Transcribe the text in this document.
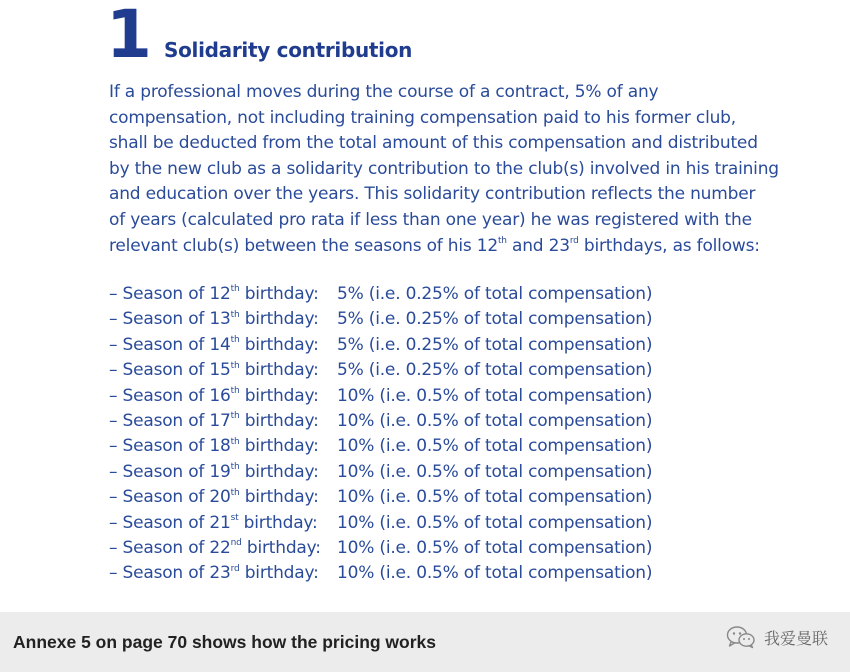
1 Solidarity contribution
If a professional moves during the course of a contract, 5% of any
compensation, not including training compensation paid to his former club,
shall be deducted from the total amount of this compensation and distributed
by the new club as a solidarity contribution to the club(s) involved in his training
and education over the years. This solidarity contribution reflects the number
of years (calculated pro rata if less than one year) he was registered with the
relevant club(s) between the seasons of his 12th and 23rd birthdays, as follows:
– Season of 12th birthday:	5% (i.e. 0.25% of total compensation)
– Season of 13th birthday:	5% (i.e. 0.25% of total compensation)
– Season of 14th birthday:	5% (i.e. 0.25% of total compensation)
– Season of 15th birthday:	5% (i.e. 0.25% of total compensation)
– Season of 16th birthday:	10% (i.e. 0.5% of total compensation)
– Season of 17th birthday:	10% (i.e. 0.5% of total compensation)
– Season of 18th birthday:	10% (i.e. 0.5% of total compensation)
– Season of 19th birthday:	10% (i.e. 0.5% of total compensation)
– Season of 20th birthday:	10% (i.e. 0.5% of total compensation)
– Season of 21st birthday:	10% (i.e. 0.5% of total compensation)
– Season of 22nd birthday: 10% (i.e. 0.5% of total compensation)
– Season of 23rd birthday:	10% (i.e. 0.5% of total compensation)
Annexe 5 on page 70 shows how the pricing works	我爱曼联
